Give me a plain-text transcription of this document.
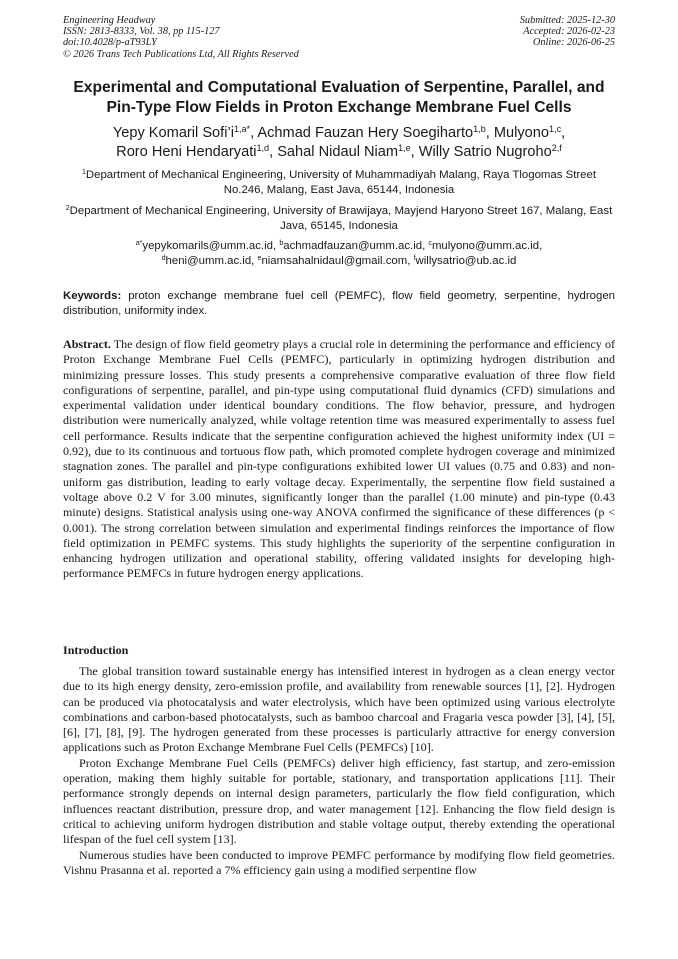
Engineering Headway
ISSN: 2813-8333, Vol. 38, pp 115-127
doi:10.4028/p-aT93LY
© 2026 Trans Tech Publications Ltd, All Rights Reserved
Submitted: 2025-12-30
Accepted: 2026-02-23
Online: 2026-06-25
Experimental and Computational Evaluation of Serpentine, Parallel, and Pin-Type Flow Fields in Proton Exchange Membrane Fuel Cells
Yepy Komaril $Sofi’i^{1,a*}$, Achmad Fauzan Hery Soegiharto$^{1,b}$, Mulyono$^{1,c}$,
Roro Heni Hendaryati$^{1,d}$, Sahal Nidaul Niam$^{1,e}$, Willy Satrio Nugroho$^{2,f}$
$^1$Department of Mechanical Engineering, University of Muhammadiyah Malang, Raya Tlogomas Street No.246, Malang, East Java, 65144, Indonesia
$^2$Department of Mechanical Engineering, University of Brawijaya, Mayjend Haryono Street 167, Malang, East Java, 65145, Indonesia
$^{a*}$yepykomarils@umm.ac.id, $^b$achmadfauzan@umm.ac.id, $^c$mulyono@umm.ac.id,
$^d$heni@umm.ac.id, $^e$niamsahalnidaul@gmail.com, $^f$willysatrio@ub.ac.id
Keywords: proton exchange membrane fuel cell (PEMFC), flow field geometry, serpentine, hydrogen distribution, uniformity index.
Abstract. The design of flow field geometry plays a crucial role in determining the performance and efficiency of Proton Exchange Membrane Fuel Cells (PEMFC), particularly in optimizing hydrogen distribution and minimizing pressure losses. This study presents a comprehensive comparative evaluation of three flow field configurations of serpentine, parallel, and pin-type using computational fluid dynamics (CFD) simulations and experimental validation under identical boundary conditions. The flow behavior, pressure, and hydrogen distribution were numerically analyzed, while voltage retention time was measured experimentally to assess fuel cell performance. Results indicate that the serpentine configuration achieved the highest uniformity index (UI = 0.92), due to its continuous and tortuous flow path, which promoted complete hydrogen coverage and minimized stagnation zones. The parallel and pin-type configurations exhibited lower UI values (0.75 and 0.83) and non-uniform gas distribution, leading to early voltage decay. Experimentally, the serpentine flow field sustained a voltage above 0.2 V for 3.00 minutes, significantly longer than the parallel (1.00 minute) and pin-type (0.43 minute) designs. Statistical analysis using one-way ANOVA confirmed the significance of these differences (p < 0.001). The strong correlation between simulation and experimental findings reinforces the importance of flow field optimization in PEMFC systems. This study highlights the superiority of the serpentine configuration in enhancing hydrogen utilization and operational stability, offering validated insights for developing high-performance PEMFCs in future hydrogen energy applications.
Introduction

The global transition toward sustainable energy has intensified interest in hydrogen as a clean energy vector due to its high energy density, zero-emission profile, and availability from renewable sources [1], [2]. Hydrogen can be produced via photocatalysis and water electrolysis, which have been optimized using various electrolyte combinations and carbon-based photocatalysts, such as bamboo charcoal and Fragaria vesca powder [3], [4], [5], [6], [7], [8], [9]. The hydrogen generated from these processes is particularly attractive for energy conversion applications such as Proton Exchange Membrane Fuel Cells (PEMFCs) [10].

Proton Exchange Membrane Fuel Cells (PEMFCs) deliver high efficiency, fast startup, and zero-emission operation, making them highly suitable for portable, stationary, and transportation applications [11]. Their performance strongly depends on internal design parameters, particularly the flow field configuration, which influences reactant distribution, pressure drop, and water management [12]. Enhancing the flow field design is critical to achieving uniform hydrogen distribution and stable voltage output, thereby extending the operational lifespan of the fuel cell system [13].

Numerous studies have been conducted to improve PEMFC performance by modifying flow field geometries. Vishnu Prasanna et al. reported a 7% efficiency gain using a modified serpentine flow
